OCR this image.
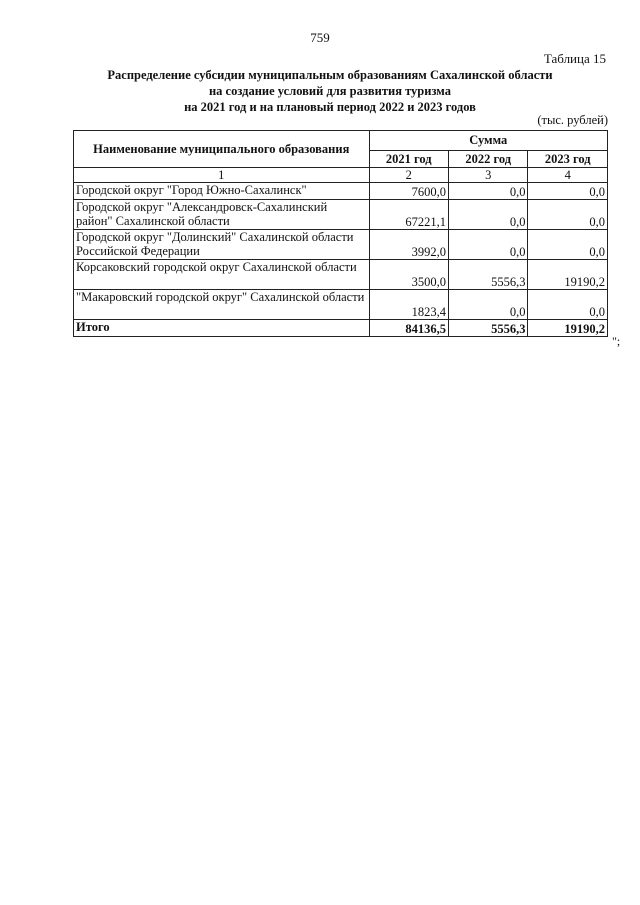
759
Таблица 15
Распределение субсидии муниципальным образованиям Сахалинской области
на создание условий для развития туризма
на 2021 год и на плановый период 2022 и 2023 годов
(тыс. рублей)
Наименование муниципального образования	Сумма		
	2021 год	2022 год	2023 год
1	2	3	4
Городской округ "Город Южно-Сахалинск"	7600,0	0,0	0,0
Городской округ "Александровск-Сахалинский район" Сахалинской области	67221,1	0,0	0,0
Городской округ "Долинский" Сахалинской области Российской Федерации	3992,0	0,0	0,0
Корсаковский городской округ Сахалинской области	3500,0	5556,3	19190,2
"Макаровский городской округ" Сахалинской области	1823,4	0,0	0,0
Итого	84136,5	5556,3	19190,2
";
